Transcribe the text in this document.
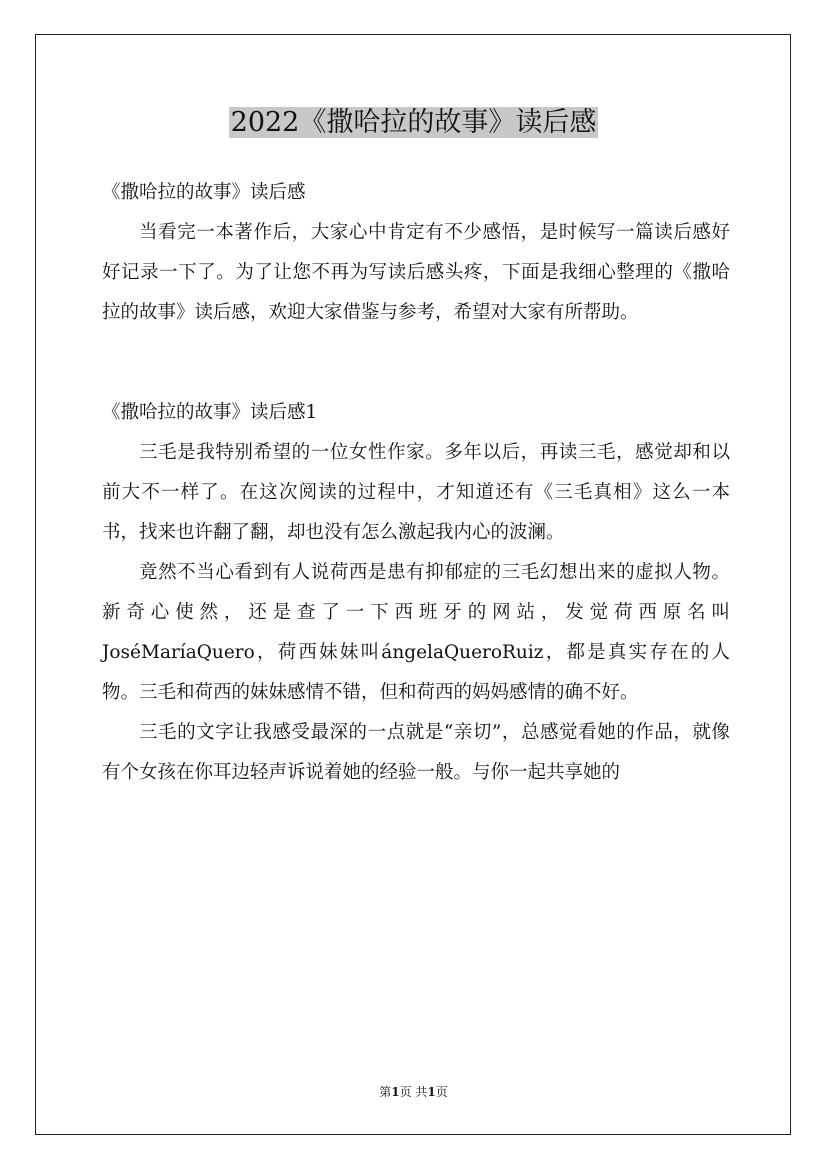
2022《撒哈拉的故事》读后感

《撒哈拉的故事》读后感

当看完一本著作后，大家心中肯定有不少感悟，是时候写一篇读后感好好记录一下了。为了让您不再为写读后感头疼，下面是我细心整理的《撒哈拉的故事》读后感，欢迎大家借鉴与参考，希望对大家有所帮助。

《撒哈拉的故事》读后感1

三毛是我特别希望的一位女性作家。多年以后，再读三毛，感觉却和以前大不一样了。在这次阅读的过程中，才知道还有《三毛真相》这么一本书，找来也许翻了翻，却也没有怎么激起我内心的波澜。

竟然不当心看到有人说荷西是患有抑郁症的三毛幻想出来的虚拟人物。新奇心使然，还是查了一下西班牙的网站，发觉荷西原名叫JoséMaríaQuero，荷西妹妹叫ángelaQueroRuiz，都是真实存在的人物。三毛和荷西的妹妹感情不错，但和荷西的妈妈感情的确不好。

三毛的文字让我感受最深的一点就是“亲切”，总感觉看她的作品，就像有个女孩在你耳边轻声诉说着她的经验一般。与你一起共享她的

第1页 共1页
